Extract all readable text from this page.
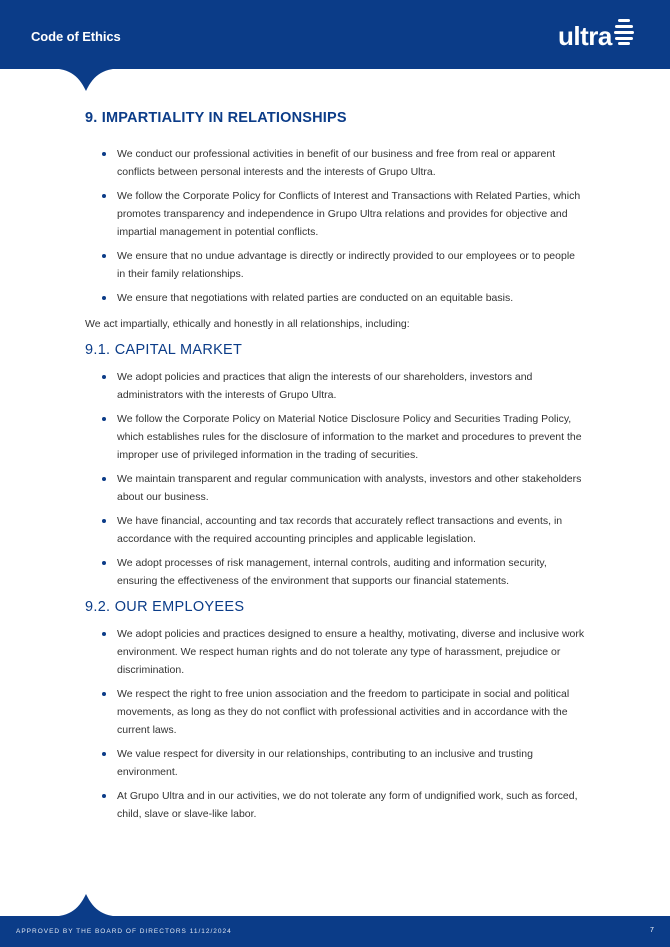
Code of Ethics	ultra
9. IMPARTIALITY IN RELATIONSHIPS
We conduct our professional activities in benefit of our business and free from real or apparent conflicts between personal interests and the interests of Grupo Ultra.
We follow the Corporate Policy for Conflicts of Interest and Transactions with Related Parties, which promotes transparency and independence in Grupo Ultra relations and provides for objective and impartial management in potential conflicts.
We ensure that no undue advantage is directly or indirectly provided to our employees or to people in their family relationships.
We ensure that negotiations with related parties are conducted on an equitable basis.

We act impartially, ethically and honestly in all relationships, including:

9.1. CAPITAL MARKET
We adopt policies and practices that align the interests of our shareholders, investors and administrators with the interests of Grupo Ultra.
We follow the Corporate Policy on Material Notice Disclosure Policy and Securities Trading Policy, which establishes rules for the disclosure of information to the market and procedures to prevent the improper use of privileged information in the trading of securities.
We maintain transparent and regular communication with analysts, investors and other stakeholders about our business.
We have financial, accounting and tax records that accurately reflect transactions and events, in accordance with the required accounting principles and applicable legislation.
We adopt processes of risk management, internal controls, auditing and information security, ensuring the effectiveness of the environment that supports our financial statements.
9.2. OUR EMPLOYEES
We adopt policies and practices designed to ensure a healthy, motivating, diverse and inclusive work environment. We respect human rights and do not tolerate any type of harassment, prejudice or discrimination.
We respect the right to free union association and the freedom to participate in social and political movements, as long as they do not conflict with professional activities and in accordance with the current laws.
We value respect for diversity in our relationships, contributing to an inclusive and trusting environment.
At Grupo Ultra and in our activities, we do not tolerate any form of undignified work, such as forced, child, slave or slave-like labor.
APPROVED BY THE BOARD OF DIRECTORS 11/12/2024	7
